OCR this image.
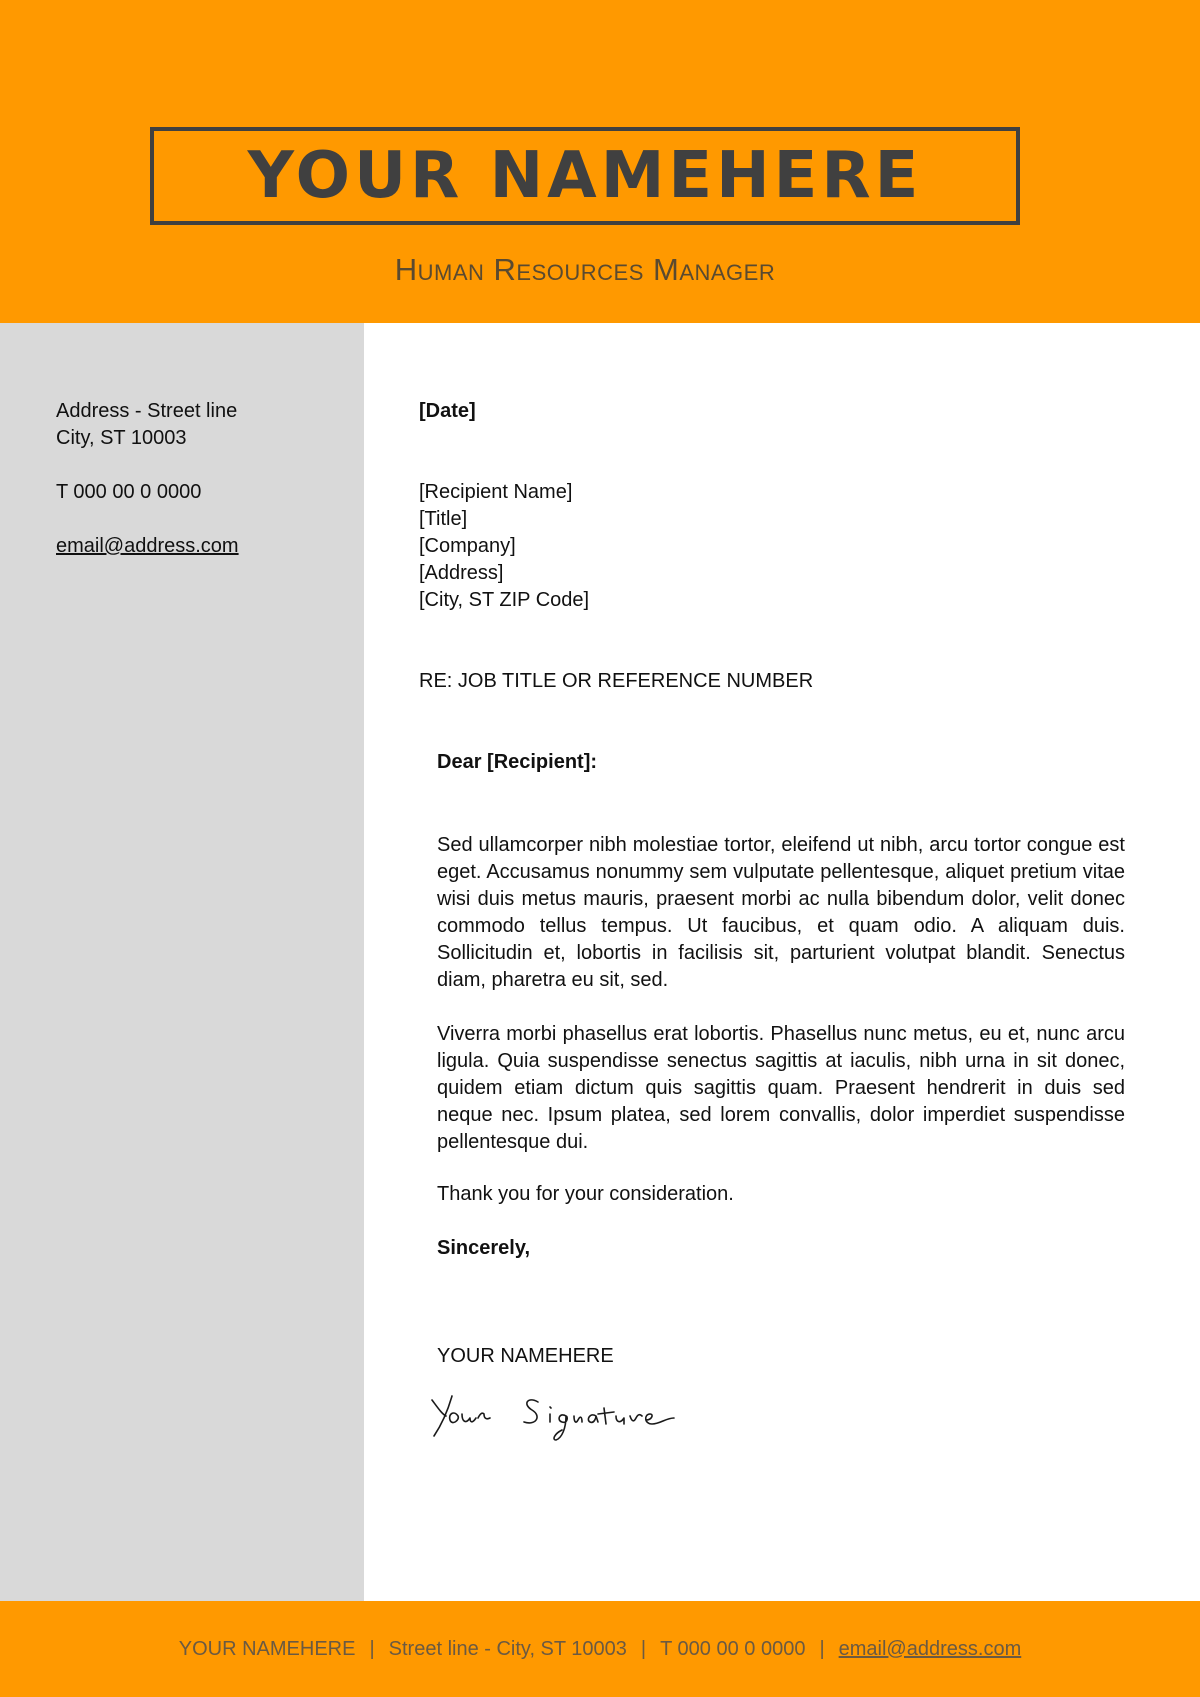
YOUR NAMEHERE
Human Resources Manager
Address - Street line
City, ST 10003
T 000 00 0 0000
email@address.com
[Date]
[Recipient Name]
[Title]
[Company]
[Address]
[City, ST ZIP Code]
RE: JOB TITLE OR REFERENCE NUMBER
Dear [Recipient]:
Sed ullamcorper nibh molestiae tortor, eleifend ut nibh, arcu tortor congue est eget. Accusamus nonummy sem vulputate pellentesque, aliquet pretium vitae wisi duis metus mauris, praesent morbi ac nulla bibendum dolor, velit donec commodo tellus tempus. Ut faucibus, et quam odio. A aliquam duis. Sollicitudin et, lobortis in facilisis sit, parturient volutpat blandit. Senectus diam, pharetra eu sit, sed.
Viverra morbi phasellus erat lobortis. Phasellus nunc metus, eu et, nunc arcu ligula. Quia suspendisse senectus sagittis at iaculis, nibh urna in sit donec, quidem etiam dictum quis sagittis quam. Praesent hendrerit in duis sed neque nec. Ipsum platea, sed lorem convallis, dolor imperdiet suspendisse pellentesque dui.
Thank you for your consideration.
Sincerely,
YOUR NAMEHERE
YOUR NAMEHERE | Street line - City, ST 10003 | T 000 00 0 0000 | email@address.com
